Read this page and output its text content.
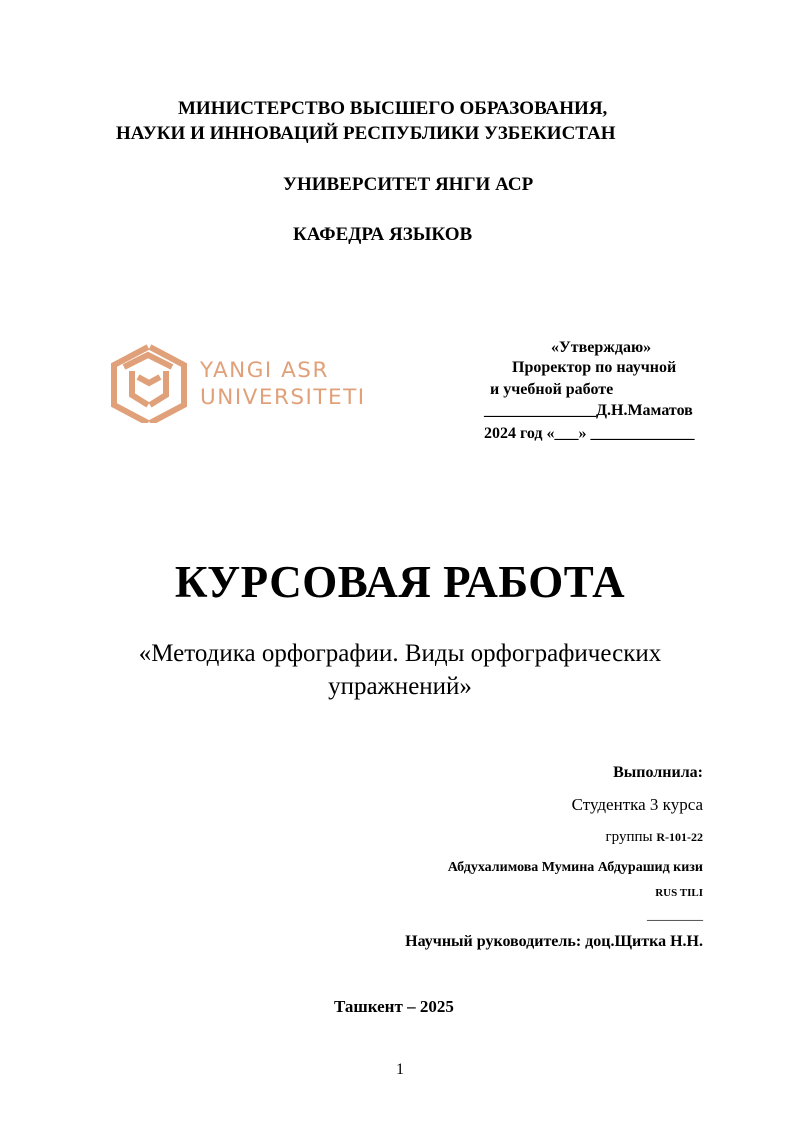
МИНИСТЕРСТВО ВЫСШЕГО ОБРАЗОВАНИЯ,
НАУКИ И ИННОВАЦИЙ РЕСПУБЛИКИ УЗБЕКИСТАН
УНИВЕРСИТЕТ ЯНГИ АСР
КАФЕДРА ЯЗЫКОВ
YANGI ASR
UNIVERSITETI
«Утверждаю»
Проректор по научной
и учебной работе
______________Д.Н.Маматов
2024 год «___» _____________
КУРСОВАЯ РАБОТА
«Методика орфографии. Виды орфографических
упражнений»
Выполнила:
Студентка 3 курса
группы R-101-22
Абдухалимова Мумина Абдурашид кизи
RUS TILI
________
Научный руководитель: доц.Щитка Н.Н.
Ташкент – 2025
1
